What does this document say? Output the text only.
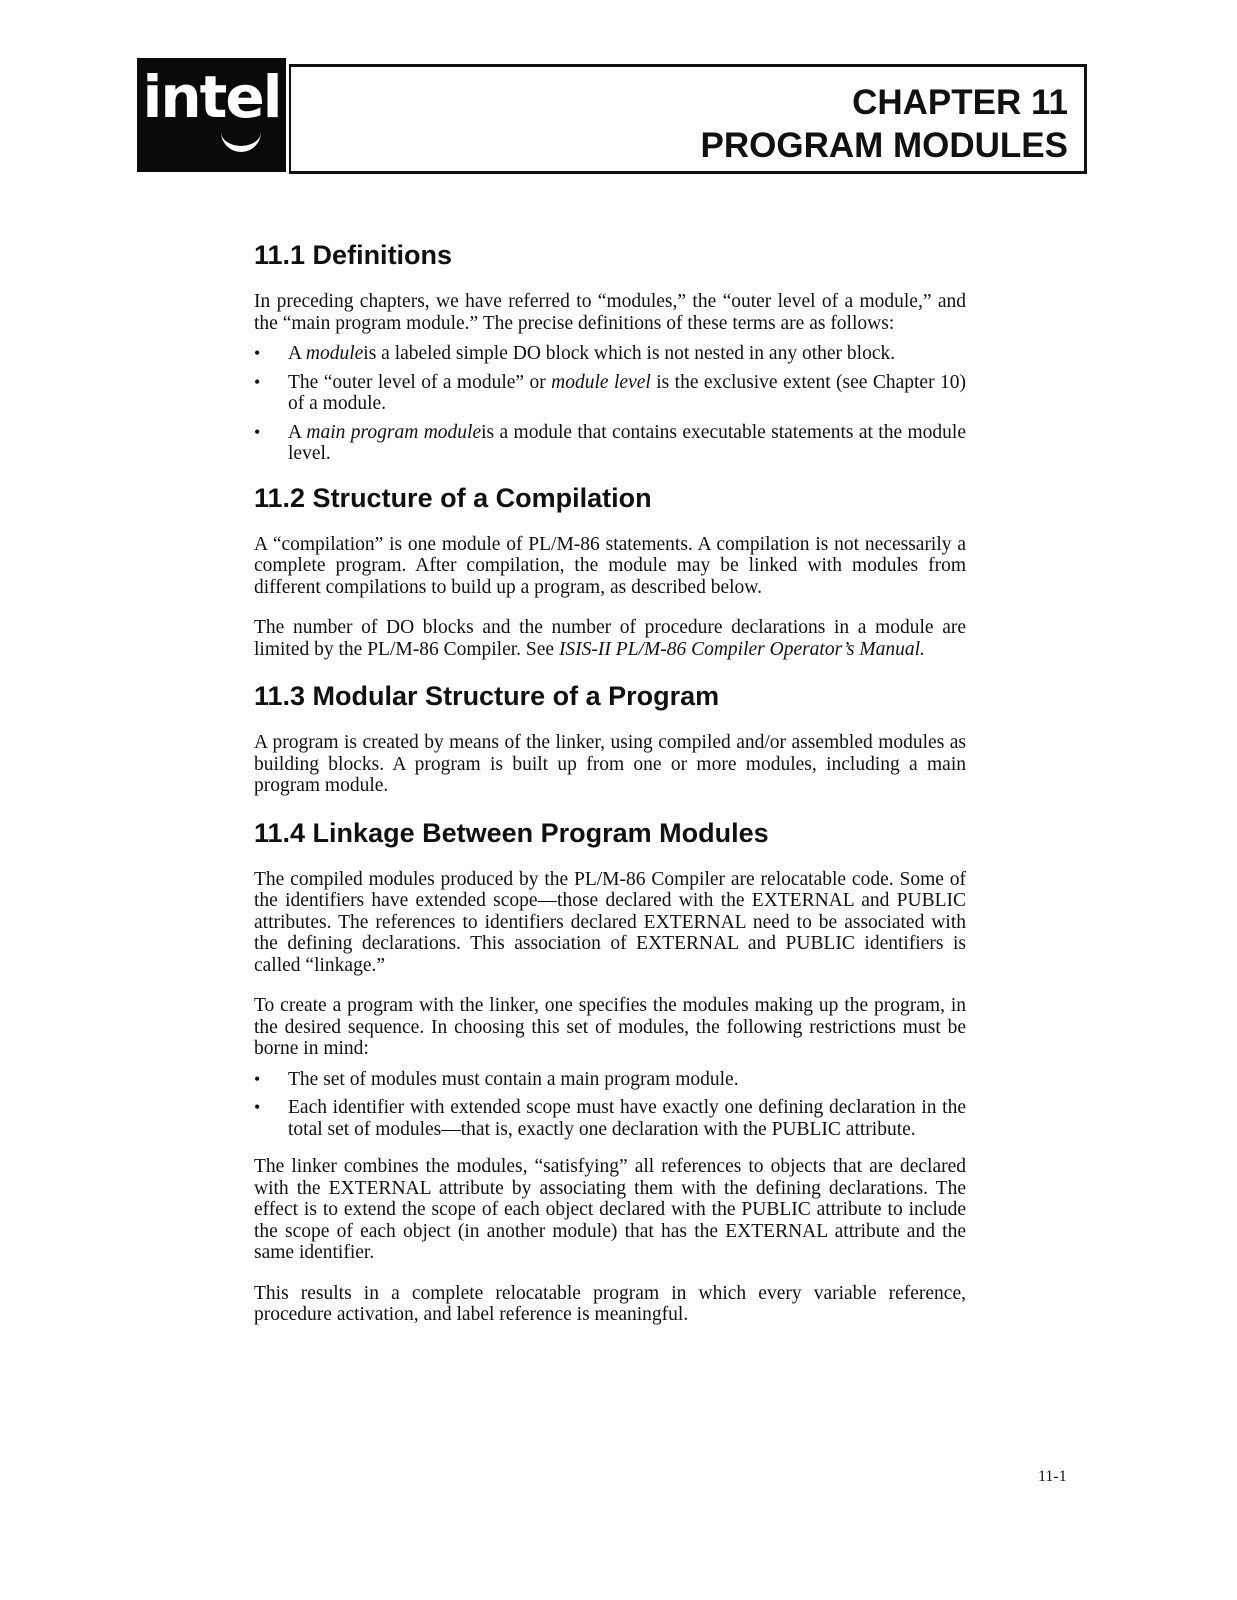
intel	CHAPTER 11
PROGRAM MODULES
11.1 Definitions

In preceding chapters, we have referred to “modules,” the “outer level of a module,” and the “main program module.” The precise definitions of these terms are as follows:

• A moduleis a labeled simple DO block which is not nested in any other block.
• The “outer level of a module” or module level is the exclusive extent (see Chapter 10) of a module.
• A main program moduleis a module that contains executable statements at the module level.
11.2 Structure of a Compilation

A “compilation” is one module of PL/M-86 statements. A compilation is not necessarily a complete program. After compilation, the module may be linked with modules from different compilations to build up a program, as described below.

The number of DO blocks and the number of procedure declarations in a module are limited by the PL/M-86 Compiler. See ISIS-II PL/M-86 Compiler Operator’s Manual.

11.3 Modular Structure of a Program

A program is created by means of the linker, using compiled and/or assembled modules as building blocks. A program is built up from one or more modules, including a main program module.

11.4 Linkage Between Program Modules

The compiled modules produced by the PL/M-86 Compiler are relocatable code. Some of the identifiers have extended scope—those declared with the EXTERNAL and PUBLIC attributes. The references to identifiers declared EXTERNAL need to be associated with the defining declarations. This association of EXTERNAL and PUBLIC identifiers is called “linkage.”

To create a program with the linker, one specifies the modules making up the program, in the desired sequence. In choosing this set of modules, the following restrictions must be borne in mind:

• The set of modules must contain a main program module.
• Each identifier with extended scope must have exactly one defining declaration in the total set of modules—that is, exactly one declaration with the PUBLIC attribute.

The linker combines the modules, “satisfying” all references to objects that are declared with the EXTERNAL attribute by associating them with the defining declarations. The effect is to extend the scope of each object declared with the PUBLIC attribute to include the scope of each object (in another module) that has the EXTERNAL attribute and the same identifier.

This results in a complete relocatable program in which every variable reference, procedure activation, and label reference is meaningful.

11-1
